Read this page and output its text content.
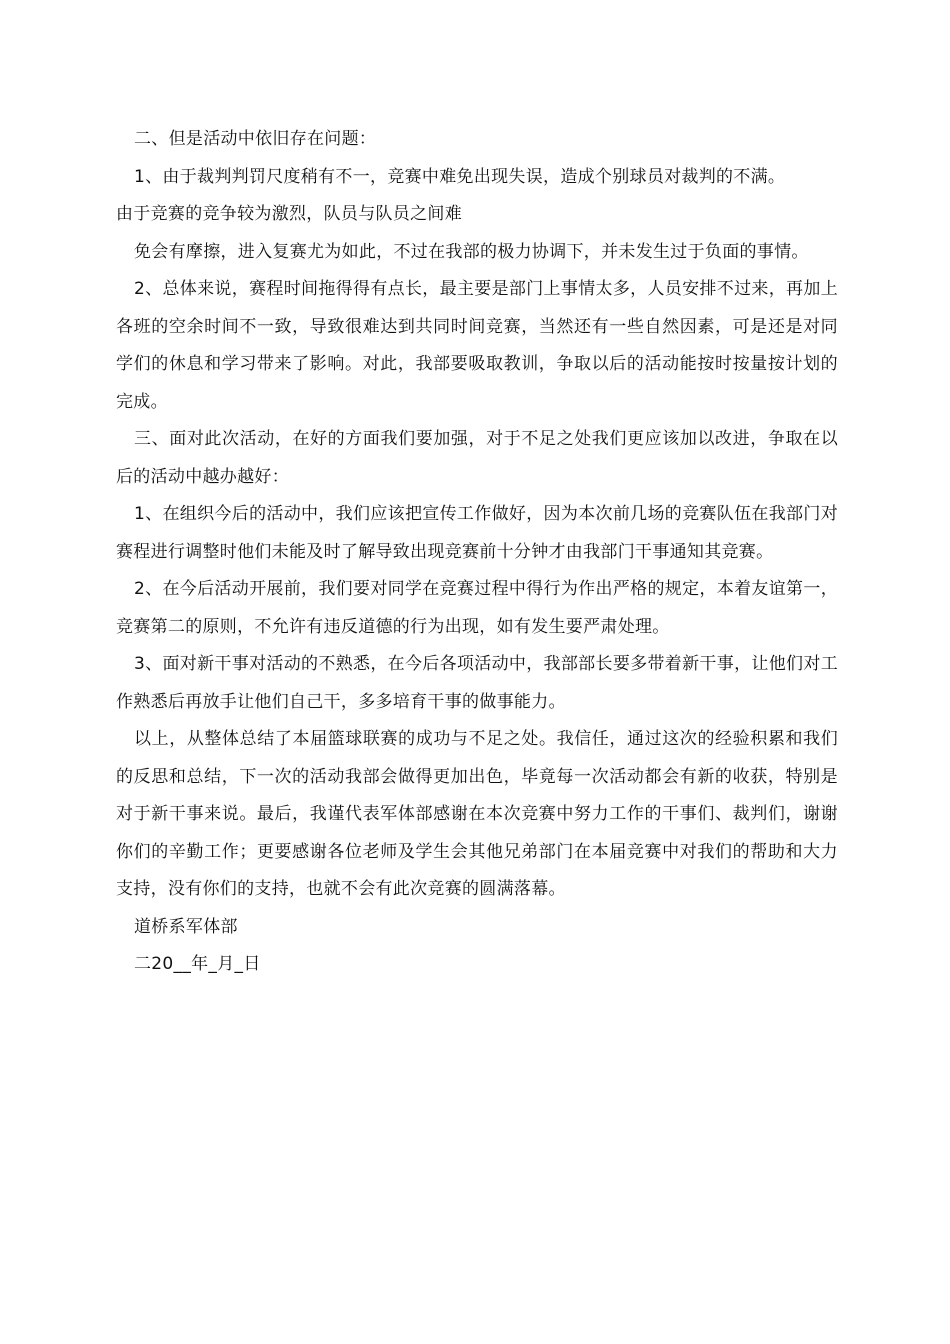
二、但是活动中依旧存在问题：

1、由于裁判判罚尺度稍有不一，竞赛中难免出现失误，造成个别球员对裁判的不满。

由于竞赛的竞争较为激烈，队员与队员之间难

免会有摩擦，进入复赛尤为如此，不过在我部的极力协调下，并未发生过于负面的事情。

2、总体来说，赛程时间拖得得有点长，最主要是部门上事情太多，人员安排不过来，再加上各班的空余时间不一致，导致很难达到共同时间竞赛，当然还有一些自然因素，可是还是对同学们的休息和学习带来了影响。对此，我部要吸取教训，争取以后的活动能按时按量按计划的完成。

三、面对此次活动，在好的方面我们要加强，对于不足之处我们更应该加以改进，争取在以后的活动中越办越好：

1、在组织今后的活动中，我们应该把宣传工作做好，因为本次前几场的竞赛队伍在我部门对赛程进行调整时他们未能及时了解导致出现竞赛前十分钟才由我部门干事通知其竞赛。

2、在今后活动开展前，我们要对同学在竞赛过程中得行为作出严格的规定，本着友谊第一，竞赛第二的原则，不允许有违反道德的行为出现，如有发生要严肃处理。

3、面对新干事对活动的不熟悉，在今后各项活动中，我部部长要多带着新干事，让他们对工作熟悉后再放手让他们自己干，多多培育干事的做事能力。

以上，从整体总结了本届篮球联赛的成功与不足之处。我信任，通过这次的经验积累和我们的反思和总结，下一次的活动我部会做得更加出色，毕竟每一次活动都会有新的收获，特别是对于新干事来说。最后，我谨代表军体部感谢在本次竞赛中努力工作的干事们、裁判们，谢谢你们的辛勤工作；更要感谢各位老师及学生会其他兄弟部门在本届竞赛中对我们的帮助和大力支持，没有你们的支持，也就不会有此次竞赛的圆满落幕。

道桥系军体部

二20__年_月_日
